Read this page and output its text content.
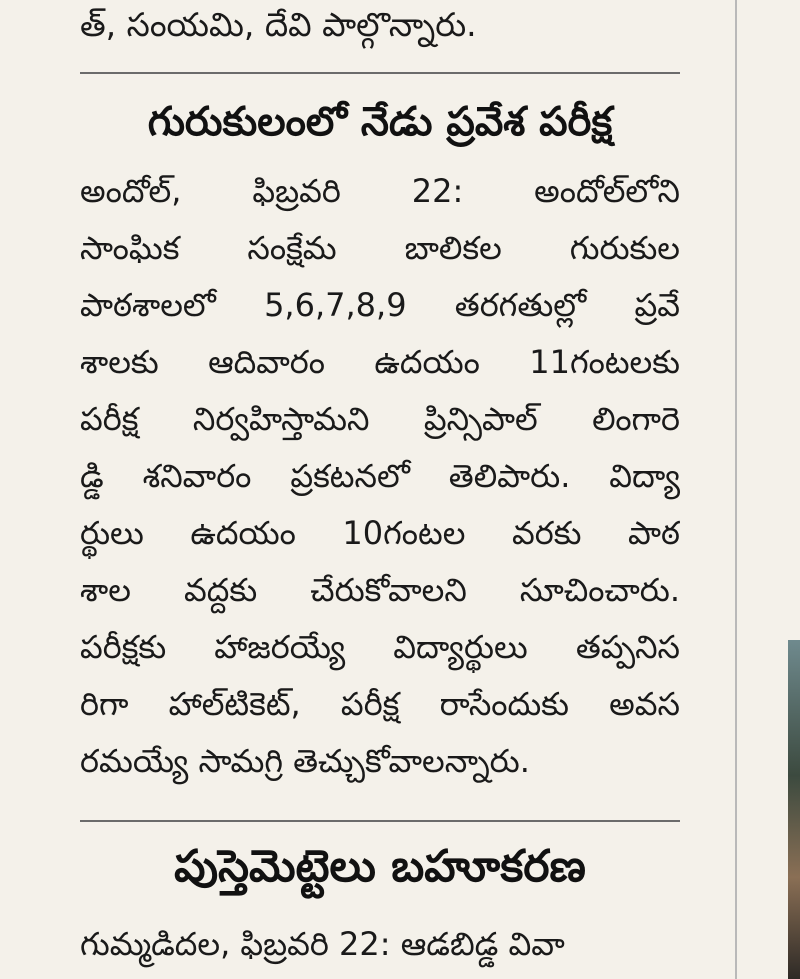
త్, సంయమి, దేవి పాల్గొన్నారు.
గురుకులంలో నేడు ప్రవేశ పరీక్ష
అందోల్, ఫిబ్రవరి 22: అందోల్‌లోని
సాంఘిక సంక్షేమ బాలికల గురుకుల
పాఠశాలలో 5,6,7,8,9 తరగతుల్లో ప్రవే
శాలకు ఆదివారం ఉదయం 11గంటలకు
పరీక్ష నిర్వహిస్తామని ప్రిన్సిపాల్ లింగారె
డ్డి శనివారం ప్రకటనలో తెలిపారు. విద్యా
ర్థులు ఉదయం 10గంటల వరకు పాఠ
శాల వద్దకు చేరుకోవాలని సూచించారు.
పరీక్షకు హాజరయ్యే విద్యార్థులు తప్పనిస
రిగా హాల్‌టికెట్, పరీక్ష రాసేందుకు అవస
రమయ్యే సామగ్రి తెచ్చుకోవాలన్నారు.
పుస్తెమెట్టెలు బహూకరణ
గుమ్మడిదల, ఫిబ్రవరి 22: ఆడబిడ్డ వివా
